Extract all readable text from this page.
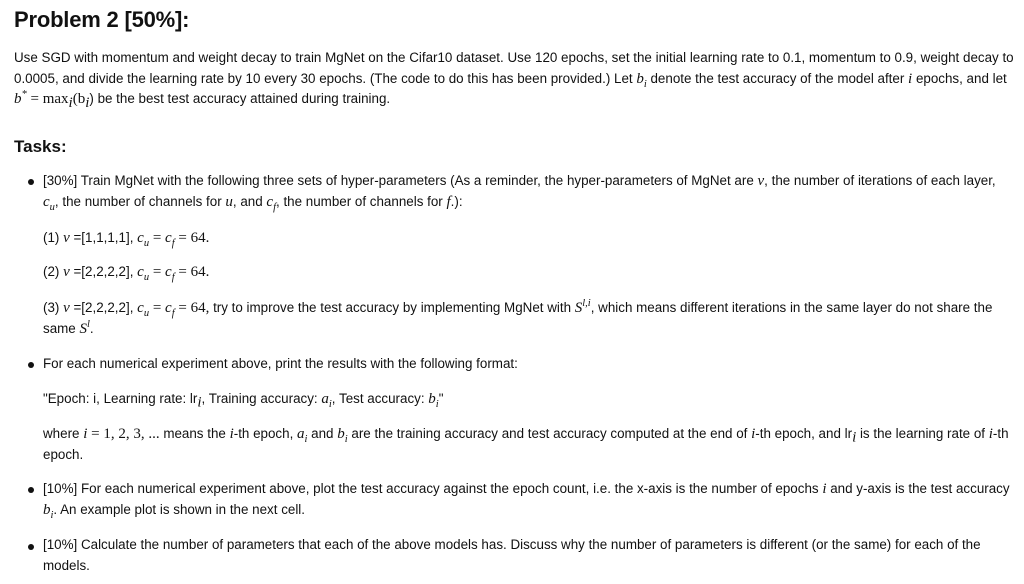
Problem 2 [50%]:

Use SGD with momentum and weight decay to train MgNet on the Cifar10 dataset. Use 120 epochs, set the initial learning rate to 0.1, momentum to 0.9, weight decay to 0.0005, and divide the learning rate by 10 every 30 epochs. (The code to do this has been provided.) Let $b_i$ denote the test accuracy of the model after i epochs, and let $b^* = \max_i(b_i)$ be the best test accuracy attained during training.

Tasks:

[30%] Train MgNet with the following three sets of hyper-parameters (As a reminder, the hyper-parameters of MgNet are ν, the number of iterations of each layer, $c_u$, the number of channels for u, and $c_f$, the number of channels for f.):

(1) ν =[1,1,1,1], $c_u = c_f = 64$.

(2) ν =[2,2,2,2], $c_u = c_f = 64$.

(3) ν =[2,2,2,2], $c_u = c_f = 64$, try to improve the test accuracy by implementing MgNet with S$^{l,i}$, which means different iterations in the same layer do not share the same $S^l$.

For each numerical experiment above, print the results with the following format:

"Epoch: i, Learning rate: $lr_i$, Training accuracy: $a_i$, Test accuracy: $b_i$"

where i = 1, 2, 3, ... means the i-th epoch, $a_i$ and $b_i$ are the training accuracy and test accuracy computed at the end of i-th epoch, and $lr_i$ is the learning rate of i-th epoch.

[10%] For each numerical experiment above, plot the test accuracy against the epoch count, i.e. the x-axis is the number of epochs i and y-axis is the test accuracy $b_i$. An example plot is shown in the next cell.

[10%] Calculate the number of parameters that each of the above models has. Discuss why the number of parameters is different (or the same) for each of the models.
